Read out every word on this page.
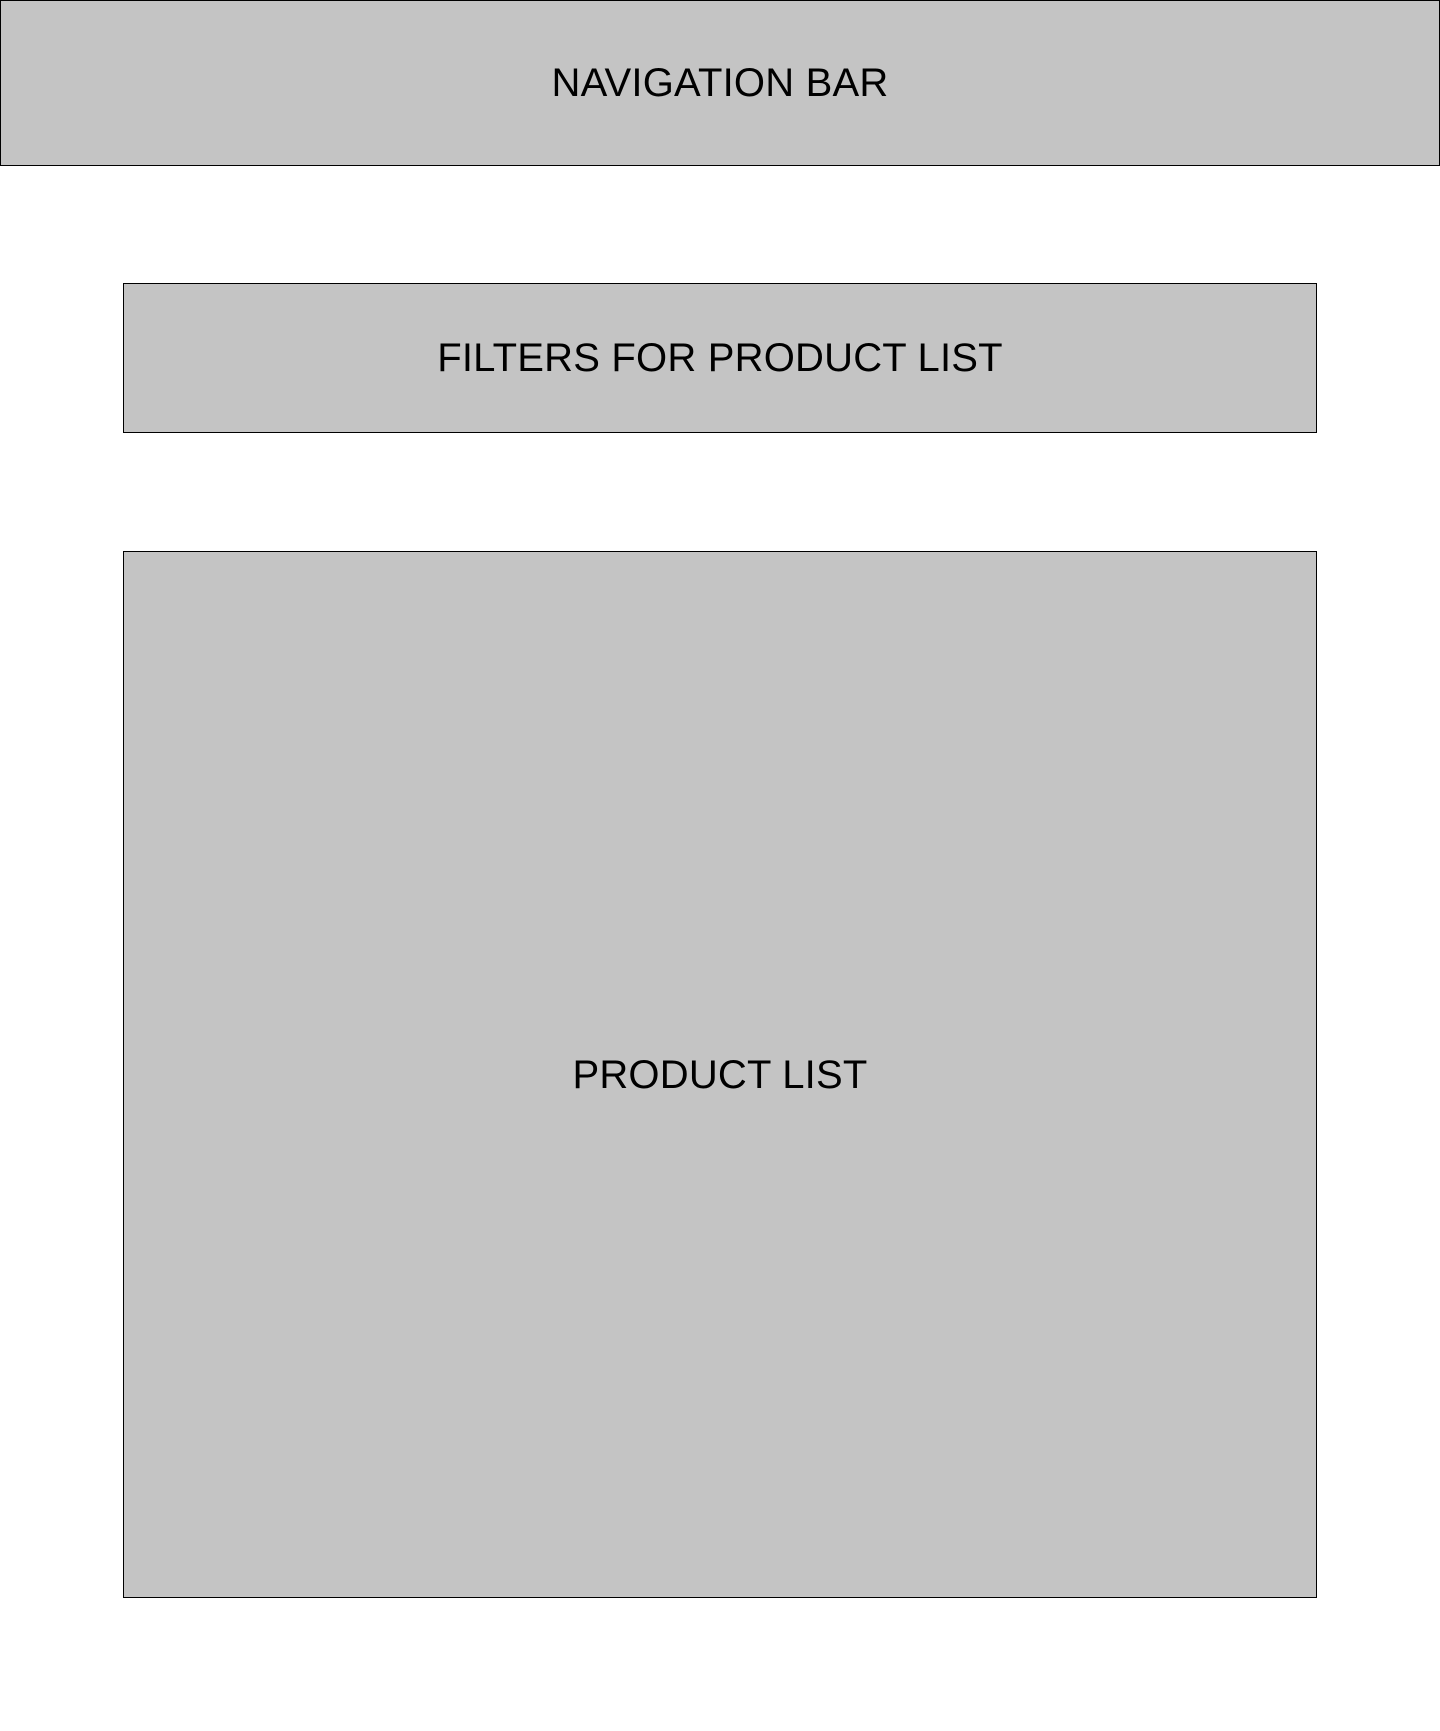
NAVIGATION BAR
FILTERS FOR PRODUCT LIST
PRODUCT LIST
